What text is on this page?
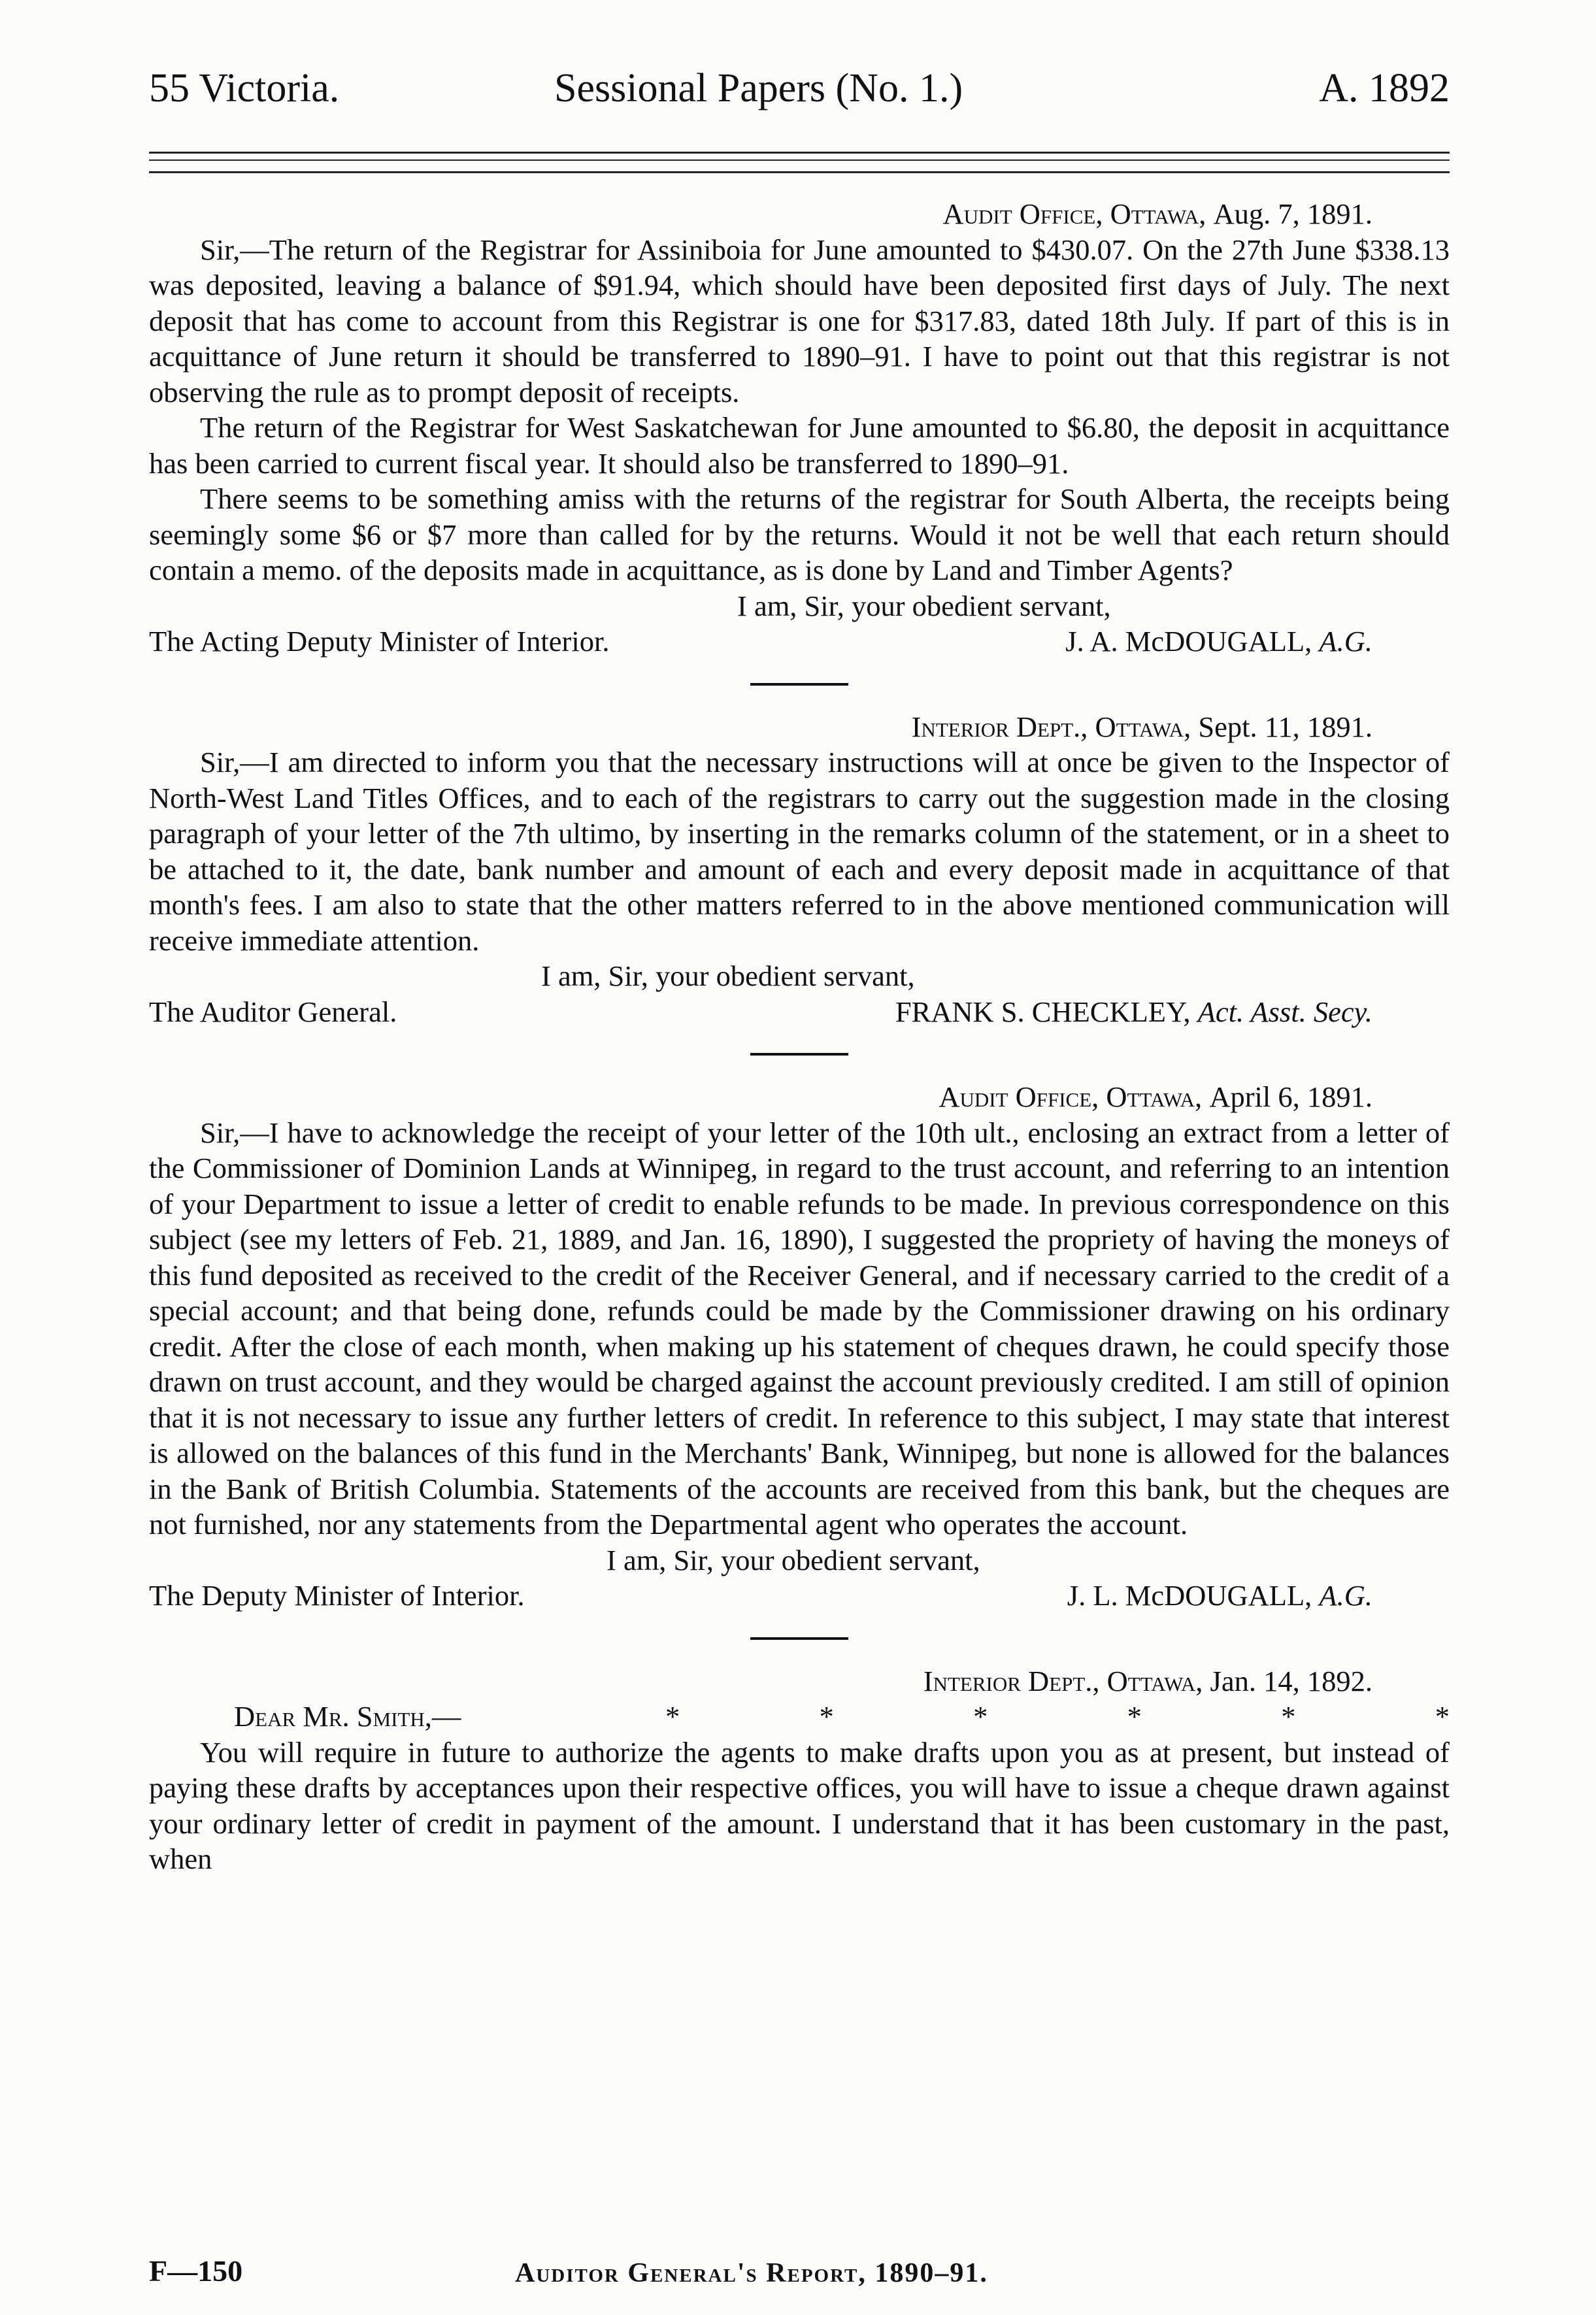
55 Victoria.	Sessional Papers (No. 1.)	A. 1892

Audit Office, Ottawa, Aug. 7, 1891.

Sir,—The return of the Registrar for Assiniboia for June amounted to $430.07. On the 27th June $338.13 was deposited, leaving a balance of $91.94, which should have been deposited first days of July. The next deposit that has come to account from this Registrar is one for $317.83, dated 18th July. If part of this is in acquittance of June return it should be transferred to 1890–91. I have to point out that this registrar is not observing the rule as to prompt deposit of receipts.

The return of the Registrar for West Saskatchewan for June amounted to $6.80, the deposit in acquittance has been carried to current fiscal year. It should also be transferred to 1890–91.

There seems to be something amiss with the returns of the registrar for South Alberta, the receipts being seemingly some $6 or $7 more than called for by the returns. Would it not be well that each return should contain a memo. of the deposits made in acquittance, as is done by Land and Timber Agents?

I am, Sir, your obedient servant,

The Acting Deputy Minister of Interior.	J. A. McDOUGALL, A.G.

Interior Dept., Ottawa, Sept. 11, 1891.

Sir,—I am directed to inform you that the necessary instructions will at once be given to the Inspector of North-West Land Titles Offices, and to each of the registrars to carry out the suggestion made in the closing paragraph of your letter of the 7th ultimo, by inserting in the remarks column of the statement, or in a sheet to be attached to it, the date, bank number and amount of each and every deposit made in acquittance of that month's fees. I am also to state that the other matters referred to in the above mentioned communication will receive immediate attention.

I am, Sir, your obedient servant,

The Auditor General.	FRANK S. CHECKLEY, Act. Asst. Secy.

Audit Office, Ottawa, April 6, 1891.

Sir,—I have to acknowledge the receipt of your letter of the 10th ult., enclosing an extract from a letter of the Commissioner of Dominion Lands at Winnipeg, in regard to the trust account, and referring to an intention of your Department to issue a letter of credit to enable refunds to be made. In previous correspondence on this subject (see my letters of Feb. 21, 1889, and Jan. 16, 1890), I suggested the propriety of having the moneys of this fund deposited as received to the credit of the Receiver General, and if necessary carried to the credit of a special account; and that being done, refunds could be made by the Commissioner drawing on his ordinary credit. After the close of each month, when making up his statement of cheques drawn, he could specify those drawn on trust account, and they would be charged against the account previously credited. I am still of opinion that it is not necessary to issue any further letters of credit. In reference to this subject, I may state that interest is allowed on the balances of this fund in the Merchants' Bank, Winnipeg, but none is allowed for the balances in the Bank of British Columbia. Statements of the accounts are received from this bank, but the cheques are not furnished, nor any statements from the Departmental agent who operates the account.

I am, Sir, your obedient servant,

The Deputy Minister of Interior.	J. L. McDOUGALL, A.G.

Interior Dept., Ottawa, Jan. 14, 1892.

Dear Mr. Smith,—	*	*	*	*	*	*

You will require in future to authorize the agents to make drafts upon you as at present, but instead of paying these drafts by acceptances upon their respective offices, you will have to issue a cheque drawn against your ordinary letter of credit in payment of the amount. I understand that it has been customary in the past, when

F—150	Auditor General's Report, 1890–91.
